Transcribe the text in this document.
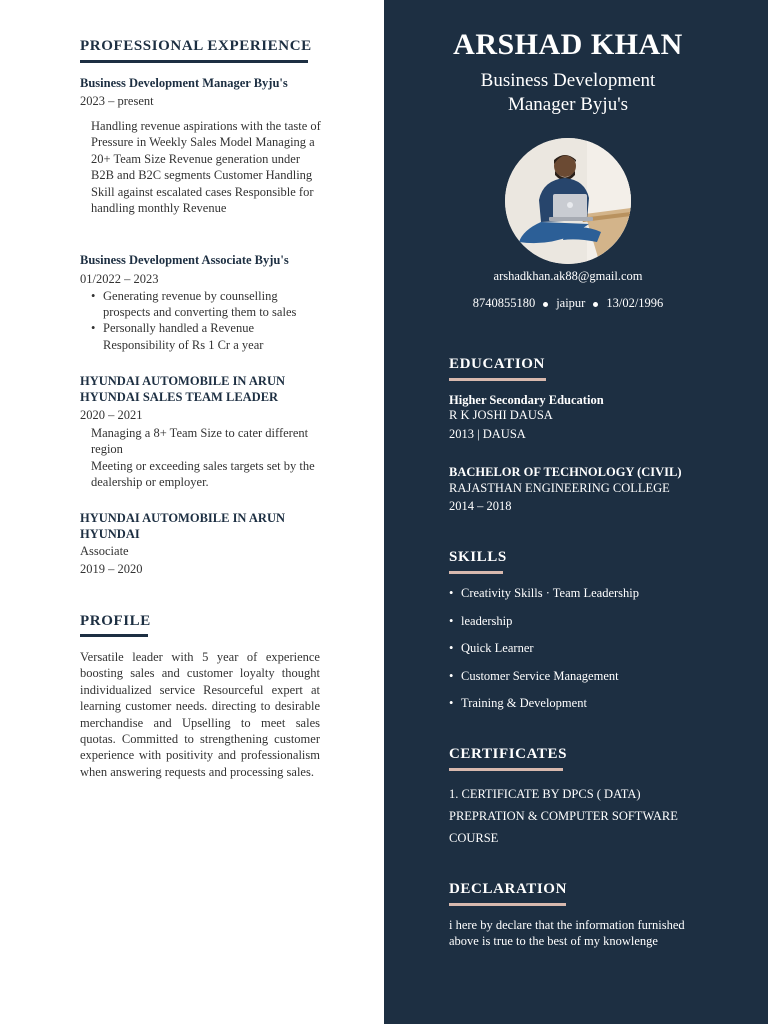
PROFESSIONAL EXPERIENCE
Business Development Manager Byju's
2023 – present
Handling revenue aspirations with the taste of Pressure in Weekly Sales Model Managing a 20+ Team Size Revenue generation under B2B and B2C segments Customer Handling Skill against escalated cases Responsible for handling monthly Revenue
Business Development Associate Byju's
01/2022 – 2023
• Generating revenue by counselling prospects and converting them to sales
• Personally handled a Revenue Responsibility of Rs 1 Cr a year
HYUNDAI AUTOMOBILE IN ARUN HYUNDAI SALES TEAM LEADER
2020 – 2021
Managing a 8+ Team Size to cater different region
Meeting or exceeding sales targets set by the dealership or employer.
HYUNDAI AUTOMOBILE IN ARUN HYUNDAI
Associate
2019 – 2020
PROFILE
Versatile leader with 5 year of experience boosting sales and customer loyalty thought individualized service Resourceful expert at learning customer needs. directing to desirable merchandise and Upselling to meet sales quotas. Committed to strengthening customer experience with positivity and professionalism when answering requests and processing sales.
ARSHAD KHAN
Business Development Manager Byju's
arshadkhan.ak88@gmail.com
8740855180 jaipur 13/02/1996
EDUCATION
Higher Secondary Education
R K JOSHI DAUSA
2013 | DAUSA
BACHELOR OF TECHNOLOGY (CIVIL)
RAJASTHAN ENGINEERING COLLEGE
2014 – 2018
SKILLS
• Creativity Skills · Team Leadership
• leadership
• Quick Learner
• Customer Service Management
• Training & Development
CERTIFICATES
1. CERTIFICATE BY DPCS ( DATA) PREPRATION & COMPUTER SOFTWARE COURSE
DECLARATION
i here by declare that the information furnished above is true to the best of my knowlenge
